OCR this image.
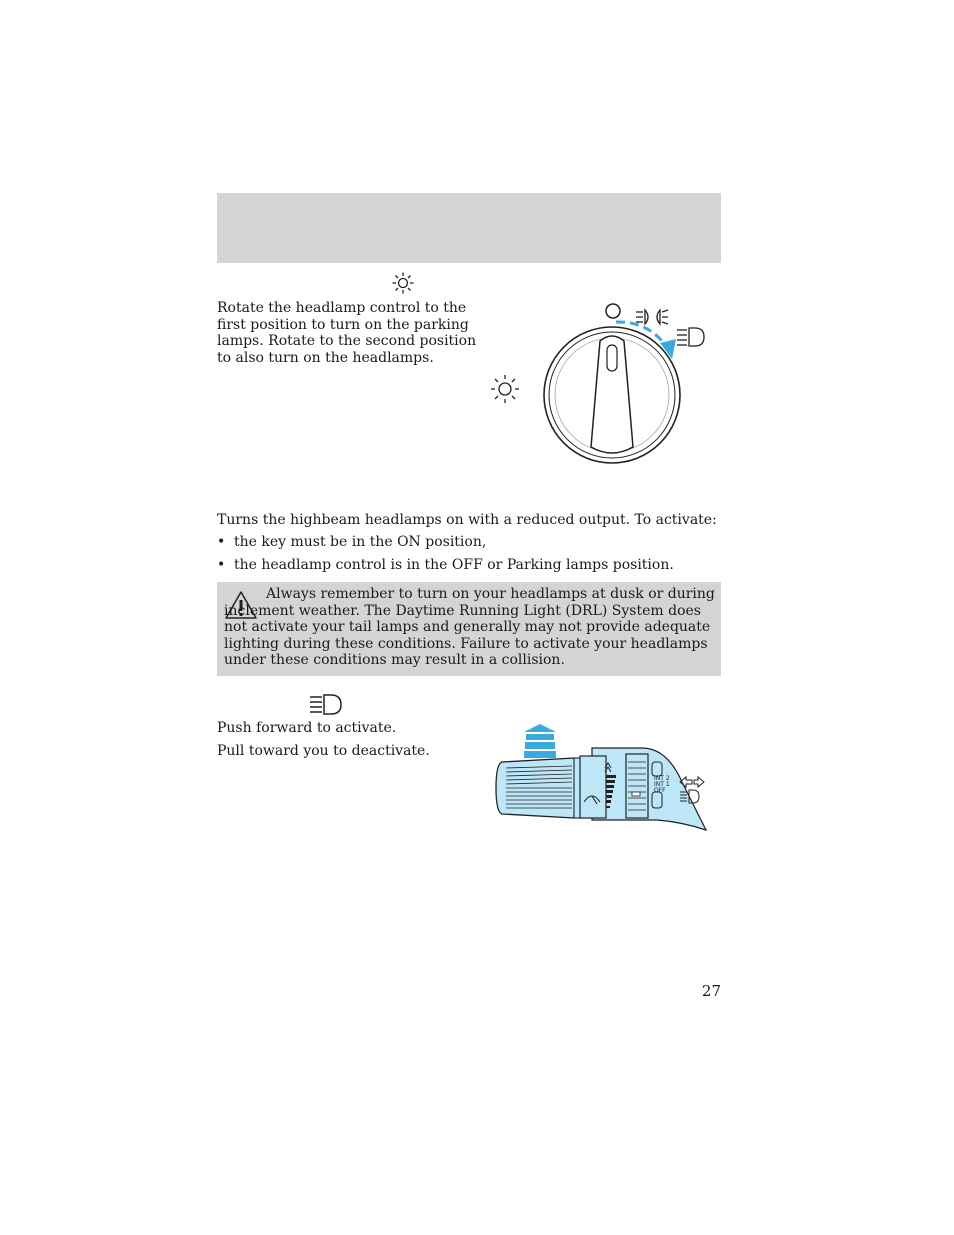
Rotate the headlamp control to the first position to turn on the parking lamps. Rotate to the second position to also turn on the headlamps.

Turns the highbeam headlamps on with a reduced output. To activate:

• the key must be in the ON position,
• the headlamp control is in the OFF or Parking lamps position.

Always remember to turn on your headlamps at dusk or during inclement weather. The Daytime Running Light (DRL) System does not activate your tail lamps and generally may not provide adequate lighting during these conditions. Failure to activate your headlamps under these conditions may result in a collision.

Push forward to activate.

Pull toward you to deactivate.

INT 2
INT 1
OFF
27
